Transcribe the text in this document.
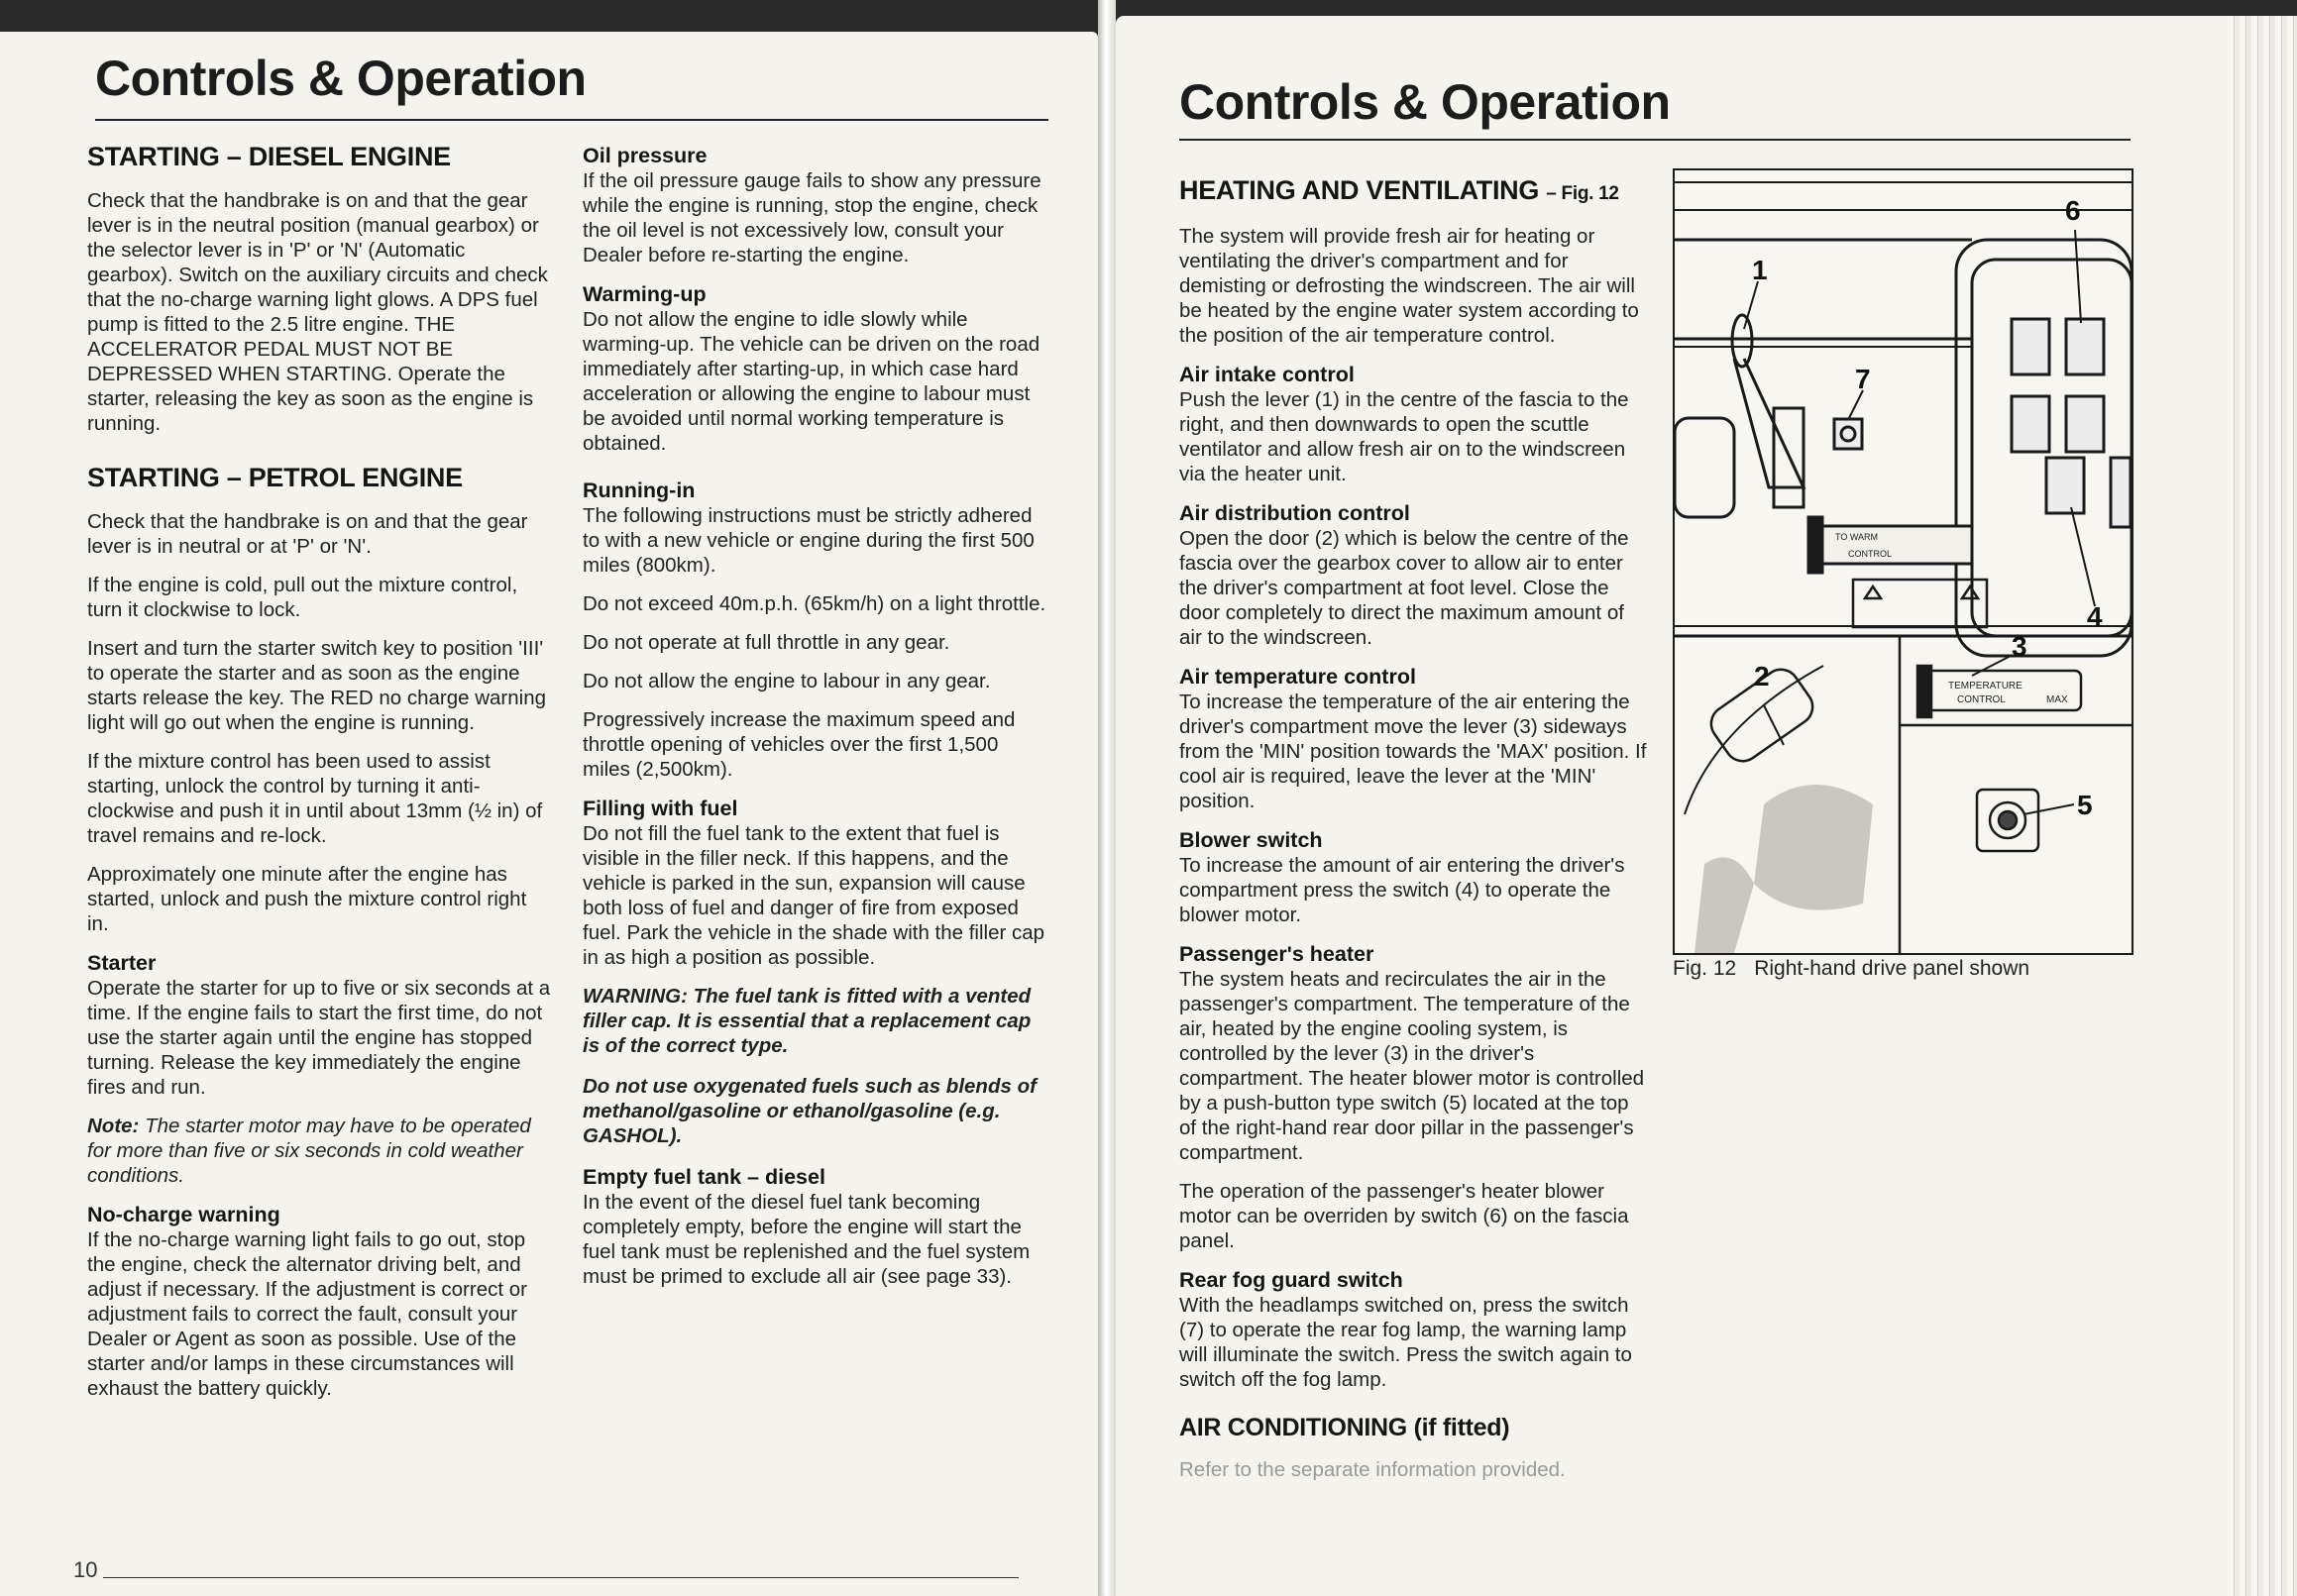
Controls & Operation
STARTING – DIESEL ENGINE

Check that the handbrake is on and that the gear lever is in the neutral position (manual gearbox) or the selector lever is in 'P' or 'N' (Automatic gearbox). Switch on the auxiliary circuits and check that the no-charge warning light glows. A DPS fuel pump is fitted to the 2.5 litre engine. THE ACCELERATOR PEDAL MUST NOT BE DEPRESSED WHEN STARTING. Operate the starter, releasing the key as soon as the engine is running.

STARTING – PETROL ENGINE

Check that the handbrake is on and that the gear lever is in neutral or at 'P' or 'N'.

If the engine is cold, pull out the mixture control, turn it clockwise to lock.

Insert and turn the starter switch key to position 'III' to operate the starter and as soon as the engine starts release the key. The RED no charge warning light will go out when the engine is running.

If the mixture control has been used to assist starting, unlock the control by turning it anti-clockwise and push it in until about 13mm (½ in) of travel remains and re-lock.

Approximately one minute after the engine has started, unlock and push the mixture control right in.

Starter

Operate the starter for up to five or six seconds at a time. If the engine fails to start the first time, do not use the starter again until the engine has stopped turning. Release the key immediately the engine fires and run.

Note: The starter motor may have to be operated for more than five or six seconds in cold weather conditions.

No-charge warning

If the no-charge warning light fails to go out, stop the engine, check the alternator driving belt, and adjust if necessary. If the adjustment is correct or adjustment fails to correct the fault, consult your Dealer or Agent as soon as possible. Use of the starter and/or lamps in these circumstances will exhaust the battery quickly.

Oil pressure

If the oil pressure gauge fails to show any pressure while the engine is running, stop the engine, check the oil level is not excessively low, consult your Dealer before re-starting the engine.

Warming-up

Do not allow the engine to idle slowly while warming-up. The vehicle can be driven on the road immediately after starting-up, in which case hard acceleration or allowing the engine to labour must be avoided until normal working temperature is obtained.

Running-in

The following instructions must be strictly adhered to with a new vehicle or engine during the first 500 miles (800km).

Do not exceed 40m.p.h. (65km/h) on a light throttle.

Do not operate at full throttle in any gear.

Do not allow the engine to labour in any gear.

Progressively increase the maximum speed and throttle opening of vehicles over the first 1,500 miles (2,500km).

Filling with fuel

Do not fill the fuel tank to the extent that fuel is visible in the filler neck. If this happens, and the vehicle is parked in the sun, expansion will cause both loss of fuel and danger of fire from exposed fuel. Park the vehicle in the shade with the filler cap in as high a position as possible.

WARNING: The fuel tank is fitted with a vented filler cap. It is essential that a replacement cap is of the correct type.

Do not use oxygenated fuels such as blends of methanol/gasoline or ethanol/gasoline (e.g. GASHOL).

Empty fuel tank – diesel

In the event of the diesel fuel tank becoming completely empty, before the engine will start the fuel tank must be replenished and the fuel system must be primed to exclude all air (see page 33).

10
Controls & Operation
HEATING AND VENTILATING – Fig. 12

The system will provide fresh air for heating or ventilating the driver's compartment and for demisting or defrosting the windscreen. The air will be heated by the engine water system according to the position of the air temperature control.

Air intake control

Push the lever (1) in the centre of the fascia to the right, and then downwards to open the scuttle ventilator and allow fresh air on to the windscreen via the heater unit.

Air distribution control

Open the door (2) which is below the centre of the fascia over the gearbox cover to allow air to enter the driver's compartment at foot level. Close the door completely to direct the maximum amount of air to the windscreen.

Air temperature control

To increase the temperature of the air entering the driver's compartment move the lever (3) sideways from the 'MIN' position towards the 'MAX' position. If cool air is required, leave the lever at the 'MIN' position.

Blower switch

To increase the amount of air entering the driver's compartment press the switch (4) to operate the blower motor.

Passenger's heater

The system heats and recirculates the air in the passenger's compartment. The temperature of the air, heated by the engine cooling system, is controlled by the lever (3) in the driver's compartment. The heater blower motor is controlled by a push-button type switch (5) located at the top of the right-hand rear door pillar in the passenger's compartment.

The operation of the passenger's heater blower motor can be overriden by switch (6) on the fascia panel.

Rear fog guard switch

With the headlamps switched on, press the switch (7) to operate the rear fog lamp, the warning lamp will illuminate the switch. Press the switch again to switch off the fog lamp.

AIR CONDITIONING (if fitted)

Refer to the separate information provided.

TO WARM
CONTROL
TEMPERATURE
CONTROL	MAX
1
2
3
4
5
6
7
Fig. 12 Right-hand drive panel shown
